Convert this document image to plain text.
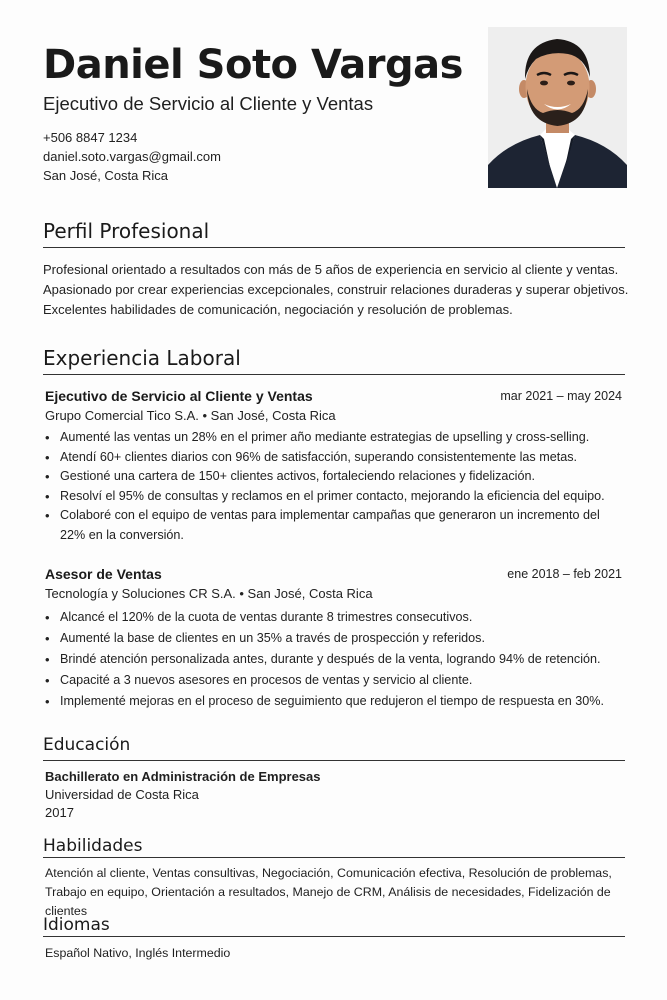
Daniel Soto Vargas
Ejecutivo de Servicio al Cliente y Ventas
+506 8847 1234
daniel.soto.vargas@gmail.com
San José, Costa Rica
Perfil Profesional
Profesional orientado a resultados con más de 5 años de experiencia en servicio al cliente y ventas. Apasionado por crear experiencias excepcionales, construir relaciones duraderas y superar objetivos. Excelentes habilidades de comunicación, negociación y resolución de problemas.
Experiencia Laboral
Ejecutivo de Servicio al Cliente y Ventas	mar 2021 – may 2024
Grupo Comercial Tico S.A. • San José, Costa Rica
• Aumenté las ventas un 28% en el primer año mediante estrategias de upselling y cross-selling.
• Atendí 60+ clientes diarios con 96% de satisfacción, superando consistentemente las metas.
• Gestioné una cartera de 150+ clientes activos, fortaleciendo relaciones y fidelización.
• Resolví el 95% de consultas y reclamos en el primer contacto, mejorando la eficiencia del equipo.
• Colaboré con el equipo de ventas para implementar campañas que generaron un incremento del 22% en la conversión.
Asesor de Ventas	ene 2018 – feb 2021
Tecnología y Soluciones CR S.A. • San José, Costa Rica
• Alcancé el 120% de la cuota de ventas durante 8 trimestres consecutivos.
• Aumenté la base de clientes en un 35% a través de prospección y referidos.
• Brindé atención personalizada antes, durante y después de la venta, logrando 94% de retención.
• Capacité a 3 nuevos asesores en procesos de ventas y servicio al cliente.
• Implementé mejoras en el proceso de seguimiento que redujeron el tiempo de respuesta en 30%.
Educación
Bachillerato en Administración de Empresas
Universidad de Costa Rica
2017
Habilidades
Atención al cliente, Ventas consultivas, Negociación, Comunicación efectiva, Resolución de problemas, Trabajo en equipo, Orientación a resultados, Manejo de CRM, Análisis de necesidades, Fidelización de clientes
Idiomas
Español Nativo, Inglés Intermedio
